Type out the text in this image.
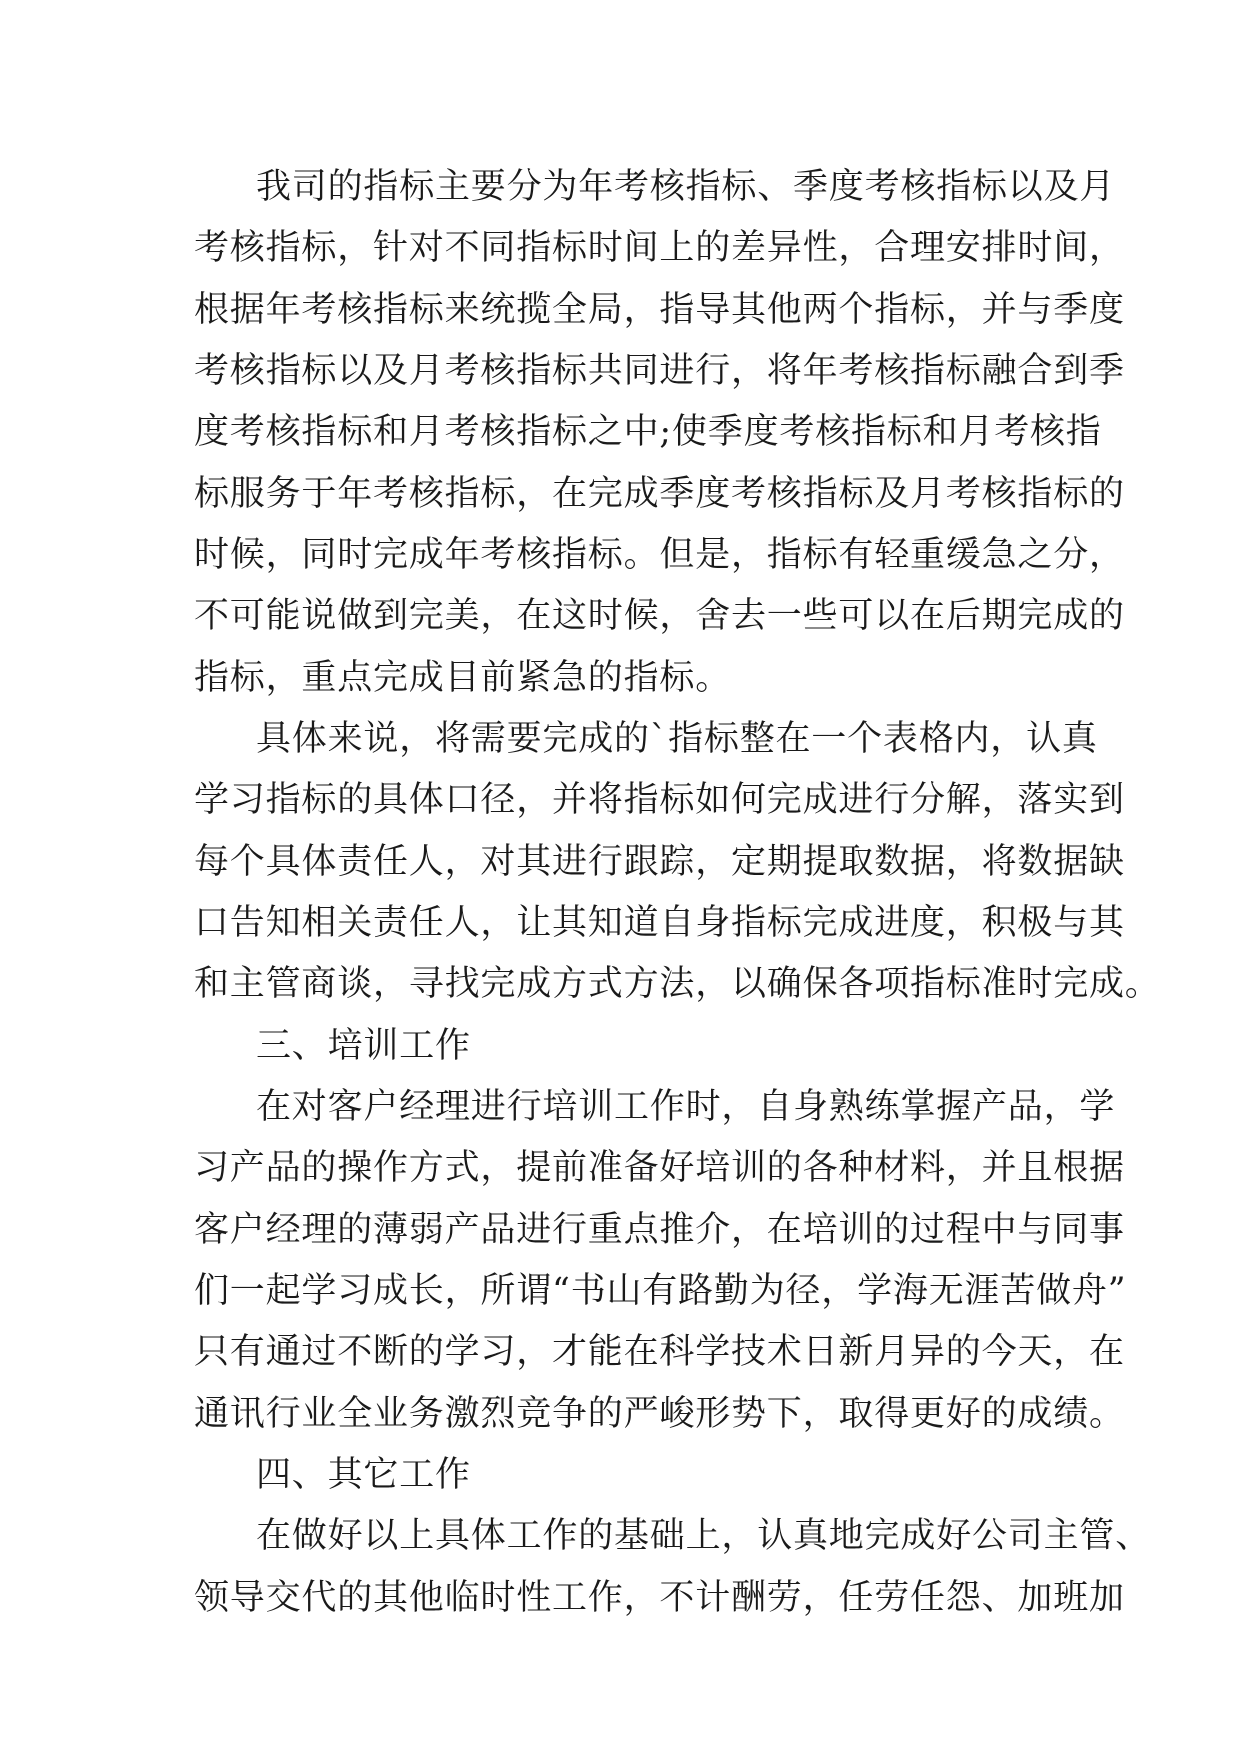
我司的指标主要分为年考核指标、季度考核指标以及月
考核指标，针对不同指标时间上的差异性，合理安排时间，
根据年考核指标来统揽全局，指导其他两个指标，并与季度
考核指标以及月考核指标共同进行，将年考核指标融合到季
度考核指标和月考核指标之中;使季度考核指标和月考核指
标服务于年考核指标，在完成季度考核指标及月考核指标的
时候，同时完成年考核指标。但是，指标有轻重缓急之分，
不可能说做到完美，在这时候，舍去一些可以在后期完成的
指标，重点完成目前紧急的指标。
具体来说，将需要完成的`指标整在一个表格内，认真
学习指标的具体口径，并将指标如何完成进行分解，落实到
每个具体责任人，对其进行跟踪，定期提取数据，将数据缺
口告知相关责任人，让其知道自身指标完成进度，积极与其
和主管商谈，寻找完成方式方法，以确保各项指标准时完成。
三、培训工作
在对客户经理进行培训工作时，自身熟练掌握产品，学
习产品的操作方式，提前准备好培训的各种材料，并且根据
客户经理的薄弱产品进行重点推介，在培训的过程中与同事
们一起学习成长，所谓“书山有路勤为径，学海无涯苦做舟”
只有通过不断的学习，才能在科学技术日新月异的今天，在
通讯行业全业务激烈竞争的严峻形势下，取得更好的成绩。
四、其它工作
在做好以上具体工作的基础上，认真地完成好公司主管、
领导交代的其他临时性工作，不计酬劳，任劳任怨、加班加
